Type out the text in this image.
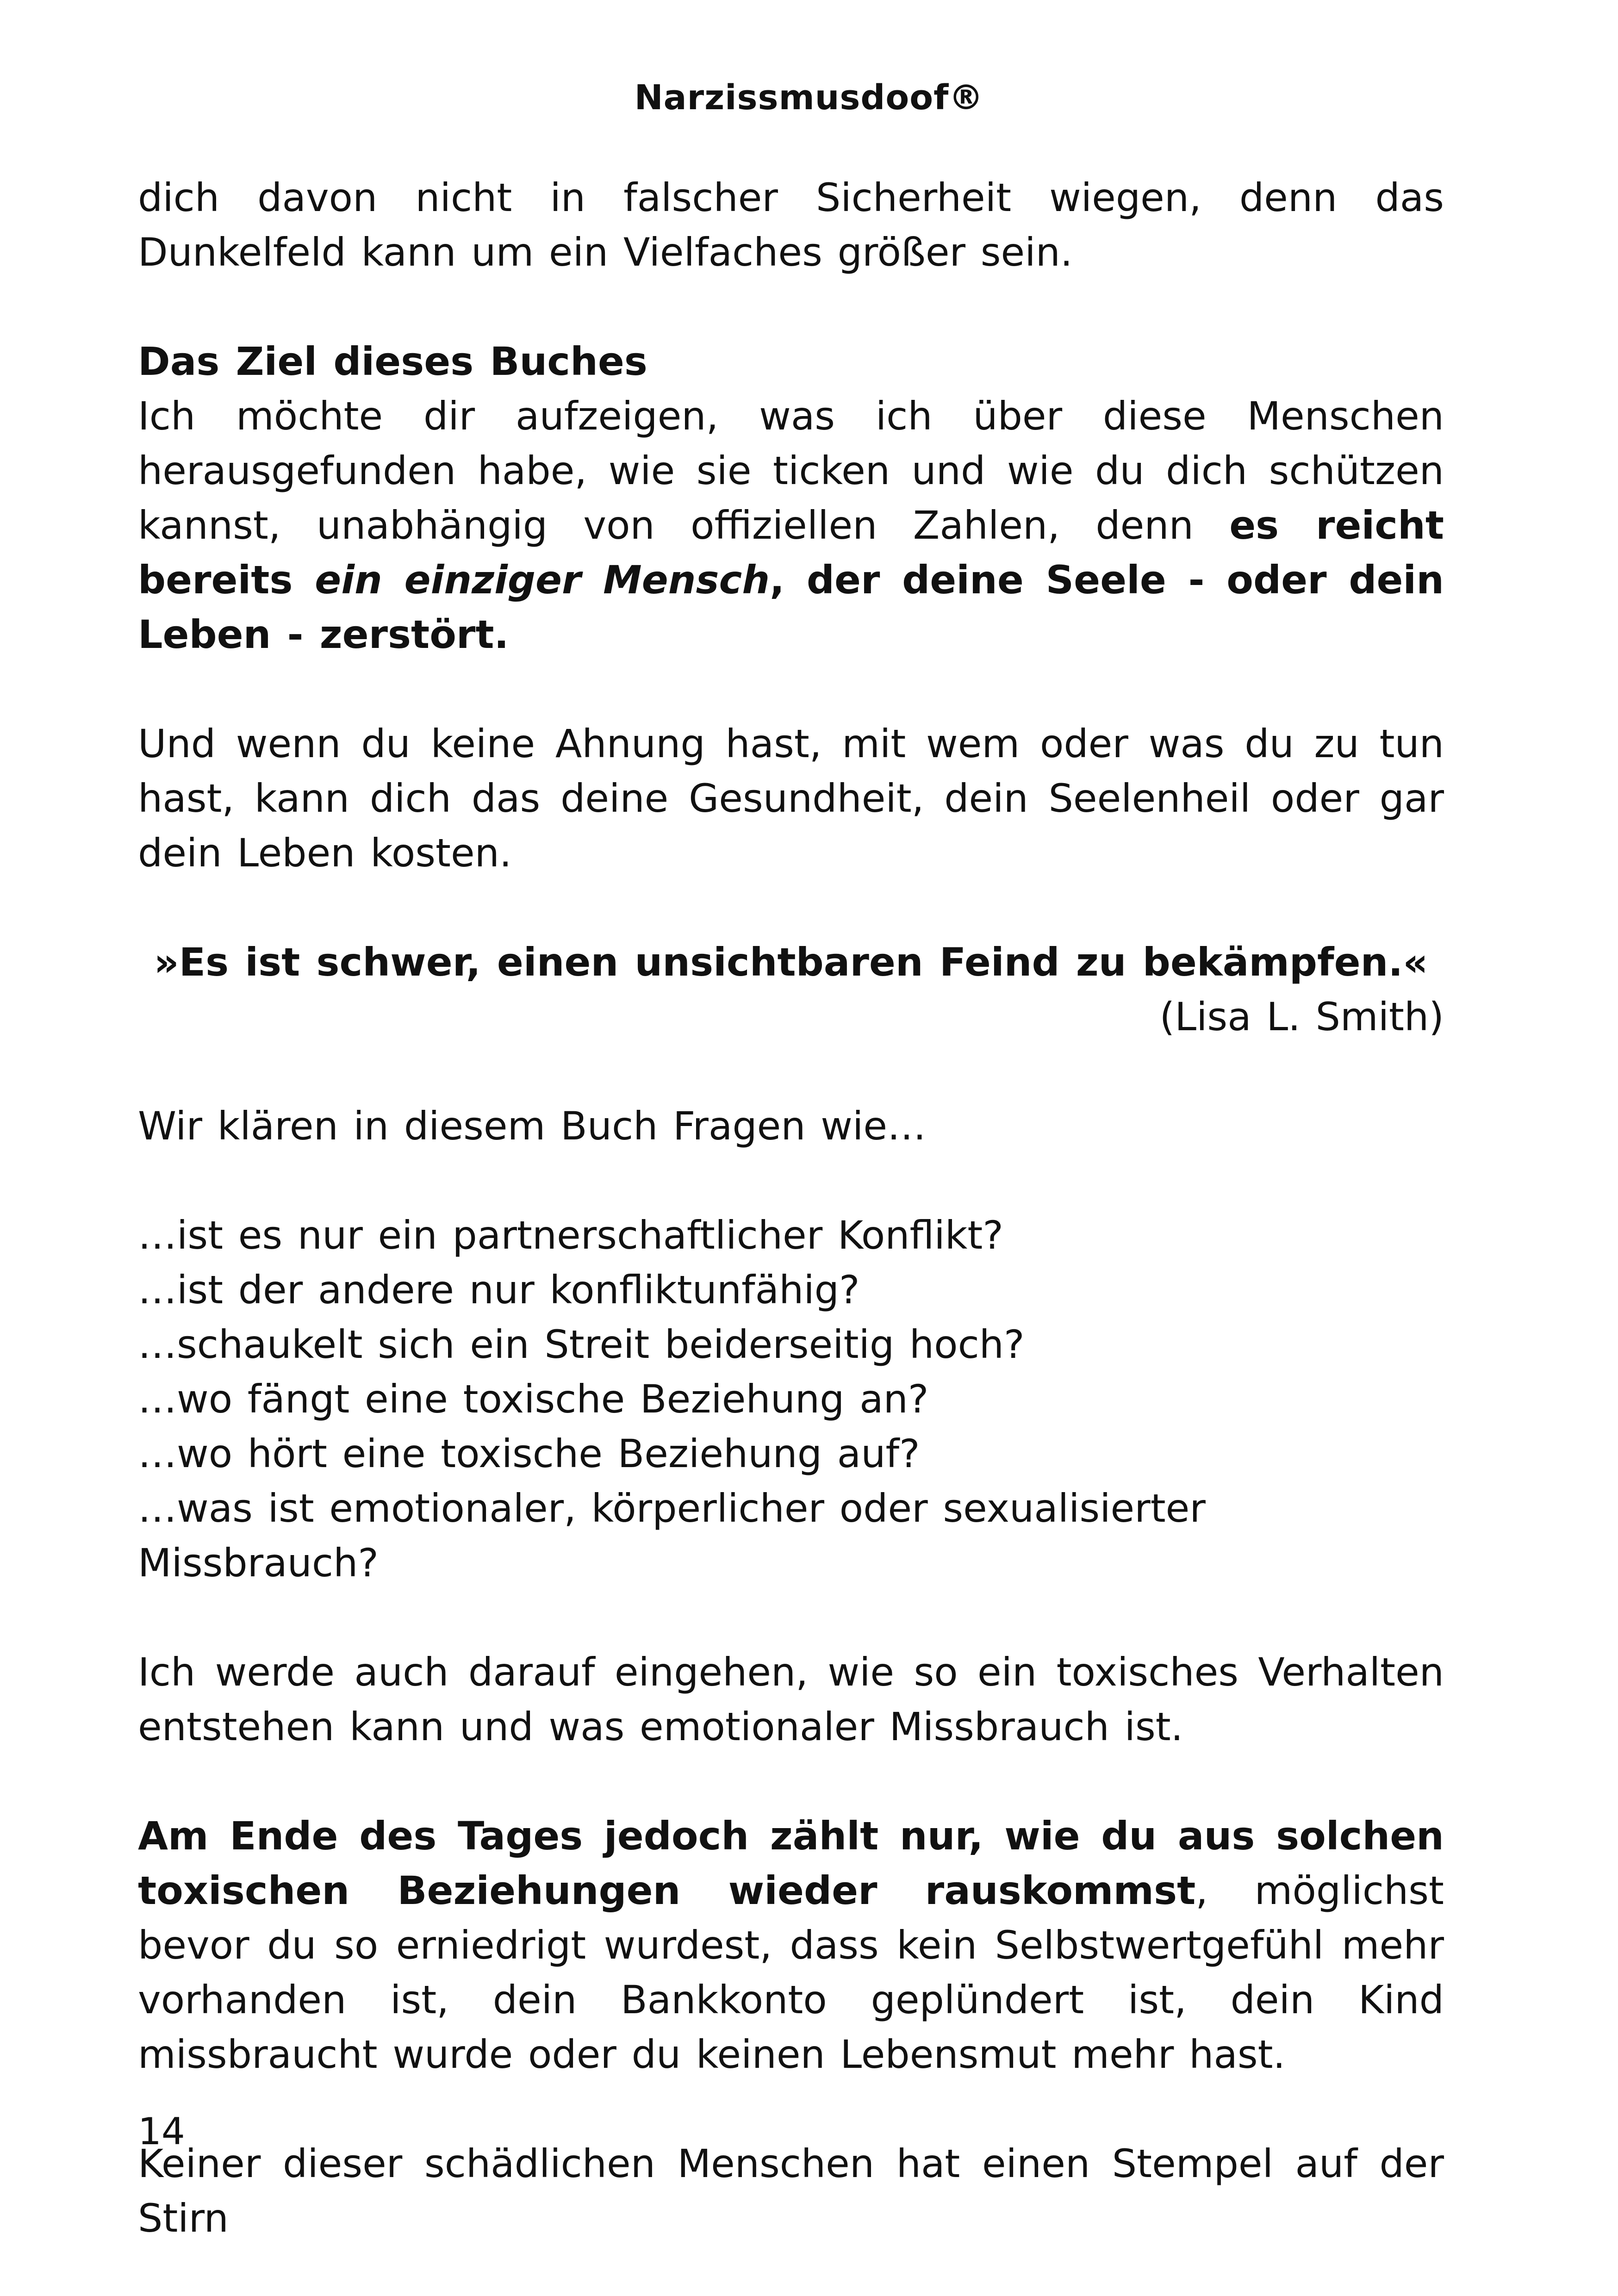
Narzissmusdoof®

dich davon nicht in falscher Sicherheit wiegen, denn das Dunkelfeld kann um ein Vielfaches größer sein.

Das Ziel dieses Buches

Ich möchte dir aufzeigen, was ich über diese Menschen herausgefunden habe, wie sie ticken und wie du dich schützen kannst, unabhängig von offiziellen Zahlen, denn es reicht bereits ein einziger Mensch, der deine Seele - oder dein Leben - zerstört.

Und wenn du keine Ahnung hast, mit wem oder was du zu tun hast, kann dich das deine Gesundheit, dein Seelenheil oder gar dein Leben kosten.

»Es ist schwer, einen unsichtbaren Feind zu bekämpfen.«

(Lisa L. Smith)

Wir klären in diesem Buch Fragen wie…

…ist es nur ein partnerschaftlicher Konflikt?
…ist der andere nur konfliktunfähig?
…schaukelt sich ein Streit beiderseitig hoch?
…wo fängt eine toxische Beziehung an?
…wo hört eine toxische Beziehung auf?
…was ist emotionaler, körperlicher oder sexualisierter Missbrauch?

Ich werde auch darauf eingehen, wie so ein toxisches Verhalten entstehen kann und was emotionaler Missbrauch ist.

Am Ende des Tages jedoch zählt nur, wie du aus solchen toxischen Beziehungen wieder rauskommst, möglichst bevor du so erniedrigt wurdest, dass kein Selbstwertgefühl mehr vorhanden ist, dein Bankkonto geplündert ist, dein Kind missbraucht wurde oder du keinen Lebensmut mehr hast.

Keiner dieser schädlichen Menschen hat einen Stempel auf der Stirn

14
